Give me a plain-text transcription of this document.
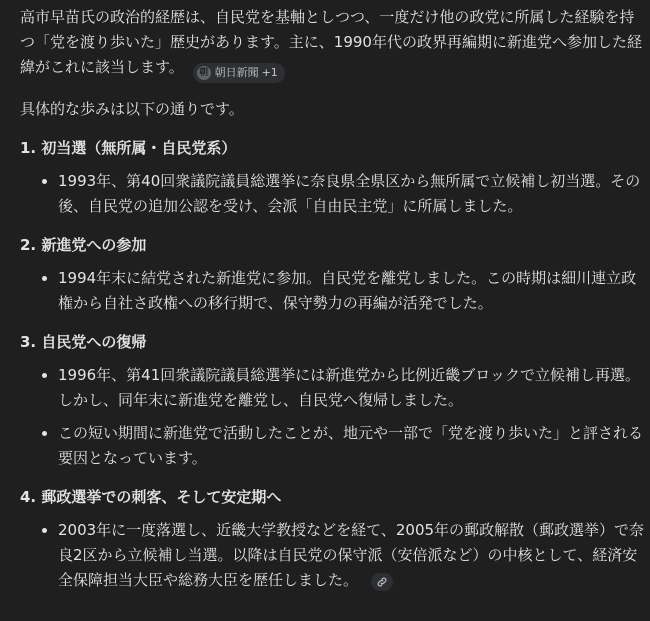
高市早苗氏の政治的経歴は、自民党を基軸としつつ、一度だけ他の政党に所属した経験を持つ「党を渡り歩いた」歴史があります。主に、1990年代の政界再編期に新進党へ参加した経緯がこれに該当します。 朝 朝日新聞 +1

具体的な歩みは以下の通りです。

1. 初当選（無所属・自民党系）

1993年、第40回衆議院議員総選挙に奈良県全県区から無所属で立候補し初当選。その後、自民党の追加公認を受け、会派「自由民主党」に所属しました。

2. 新進党への参加

1994年末に結党された新進党に参加。自民党を離党しました。この時期は細川連立政権から自社さ政権への移行期で、保守勢力の再編が活発でした。

3. 自民党への復帰

1996年、第41回衆議院議員総選挙には新進党から比例近畿ブロックで立候補し再選。しかし、同年末に新進党を離党し、自民党へ復帰しました。
この短い期間に新進党で活動したことが、地元や一部で「党を渡り歩いた」と評される要因となっています。

4. 郵政選挙での刺客、そして安定期へ

2003年に一度落選し、近畿大学教授などを経て、2005年の郵政解散（郵政選挙）で奈良2区から立候補し当選。以降は自民党の保守派（安倍派など）の中核として、経済安全保障担当大臣や総務大臣を歴任しました。
